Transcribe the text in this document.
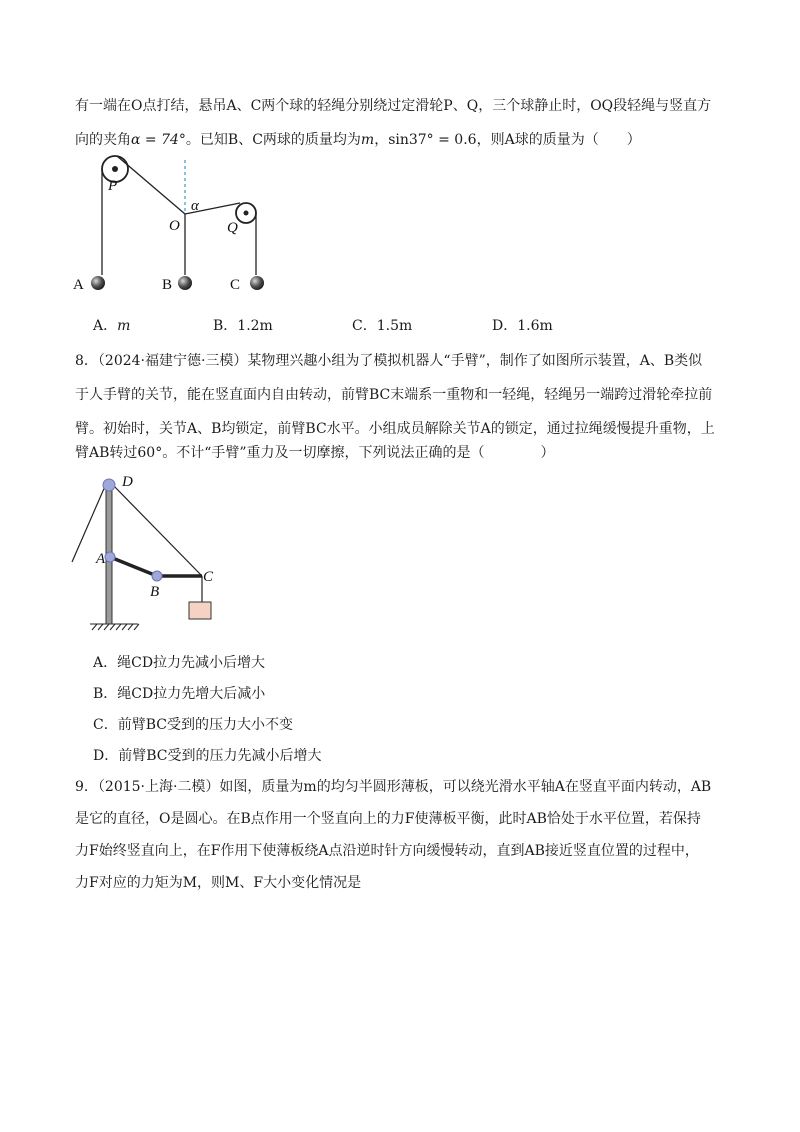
有一端在O点打结，悬吊A、C两个球的轻绳分别绕过定滑轮P、Q，三个球静止时，OQ段轻绳与竖直方
向的夹角α = 74°。已知B、C两球的质量均为m，sin37° = 0.6，则A球的质量为（　　）
P
O
α
Q
A	B	C
A．m	B．1.2m	C．1.5m	D．1.6m
8．（2024·福建宁德·三模）某物理兴趣小组为了模拟机器人“手臂”，制作了如图所示装置，A、B类似
于人手臂的关节，能在竖直面内自由转动，前臂BC末端系一重物和一轻绳，轻绳另一端跨过滑轮牵拉前
臂。初始时，关节A、B均锁定，前臂BC水平。小组成员解除关节A的锁定，通过拉绳缓慢提升重物，上
臂AB转过60°。不计“手臂”重力及一切摩擦，下列说法正确的是（　　　　）
D
A
B
C
A．绳CD拉力先减小后增大
B．绳CD拉力先增大后减小
C．前臂BC受到的压力大小不变
D．前臂BC受到的压力先减小后增大
9．（2015·上海·二模）如图，质量为m的均匀半圆形薄板，可以绕光滑水平轴A在竖直平面内转动，AB
是它的直径，O是圆心。在B点作用一个竖直向上的力F使薄板平衡，此时AB恰处于水平位置，若保持
力F始终竖直向上，在F作用下使薄板绕A点沿逆时针方向缓慢转动，直到AB接近竖直位置的过程中，
力F对应的力矩为M，则M、F大小变化情况是
